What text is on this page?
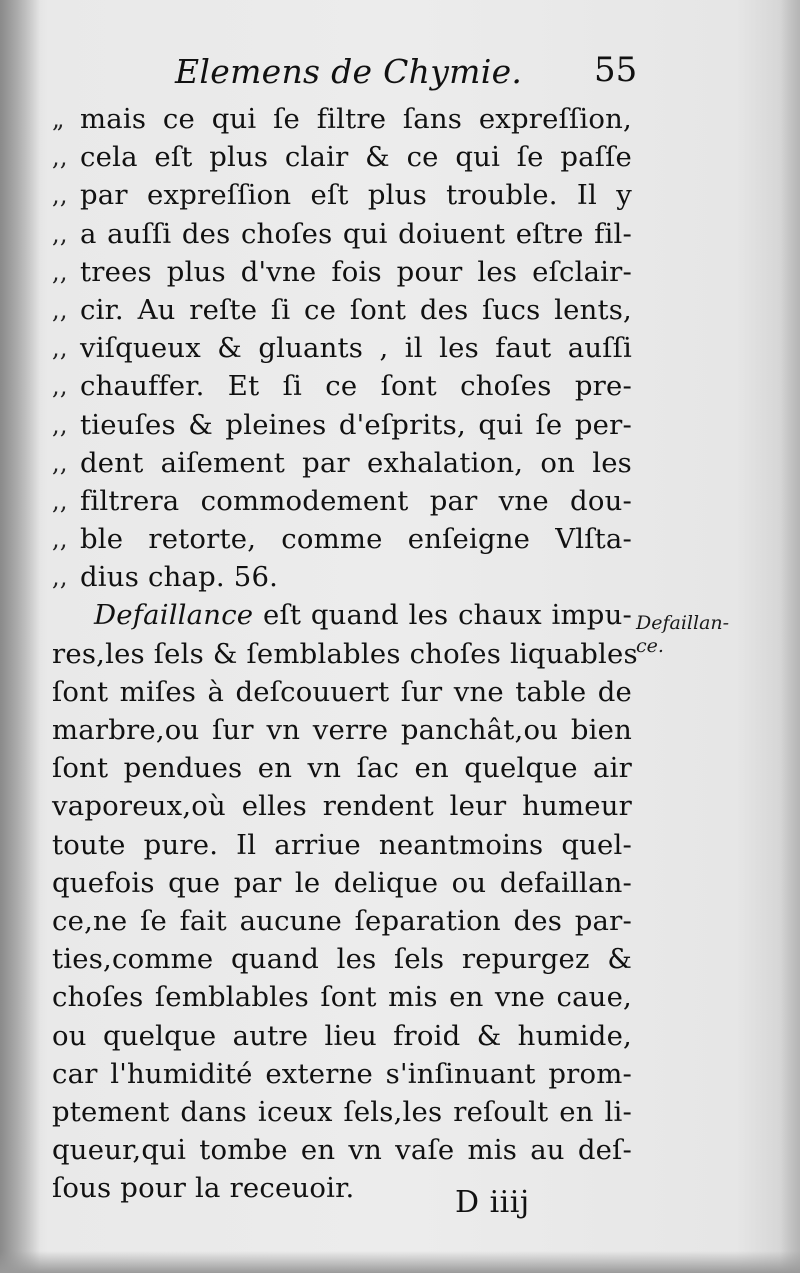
Elemens de Chymie. 55
„ mais ce qui ſe filtre ſans expreſſion,
,, cela eſt plus clair & ce qui ſe paſſe
,, par expreſſion eſt plus trouble. Il y
,, a auſſi des choſes qui doiuent eſtre fil-
,, trees plus d'vne fois pour les eſclair-
,, cir. Au reſte ſi ce ſont des ſucs lents,
,, viſqueux & gluants , il les faut auſſi
,, chauffer. Et ſi ce ſont choſes pre-
,, tieuſes & pleines d'eſprits, qui ſe per-
,, dent aiſement par exhalation, on les
,, filtrera commodement par vne dou-
,, ble retorte, comme enſeigne Vlſta-
,, dius chap. 56.
Defaillance eſt quand les chaux impu-
res,les ſels & ſemblables choſes liquables
ſont miſes à deſcouuert ſur vne table de
marbre,ou ſur vn verre panchât,ou bien
ſont pendues en vn ſac en quelque air
vaporeux,où elles rendent leur humeur
toute pure. Il arriue neantmoins quel-
quefois que par le delique ou defaillan-
ce,ne ſe fait aucune ſeparation des par-
ties,comme quand les ſels repurgez &
choſes ſemblables ſont mis en vne caue,
ou quelque autre lieu froid & humide,
car l'humidité externe s'inſinuant prom-
ptement dans iceux ſels,les reſoult en li-
queur,qui tombe en vn vaſe mis au deſ-
ſous pour la receuoir.
Defaillan-
ce.
D iiij
